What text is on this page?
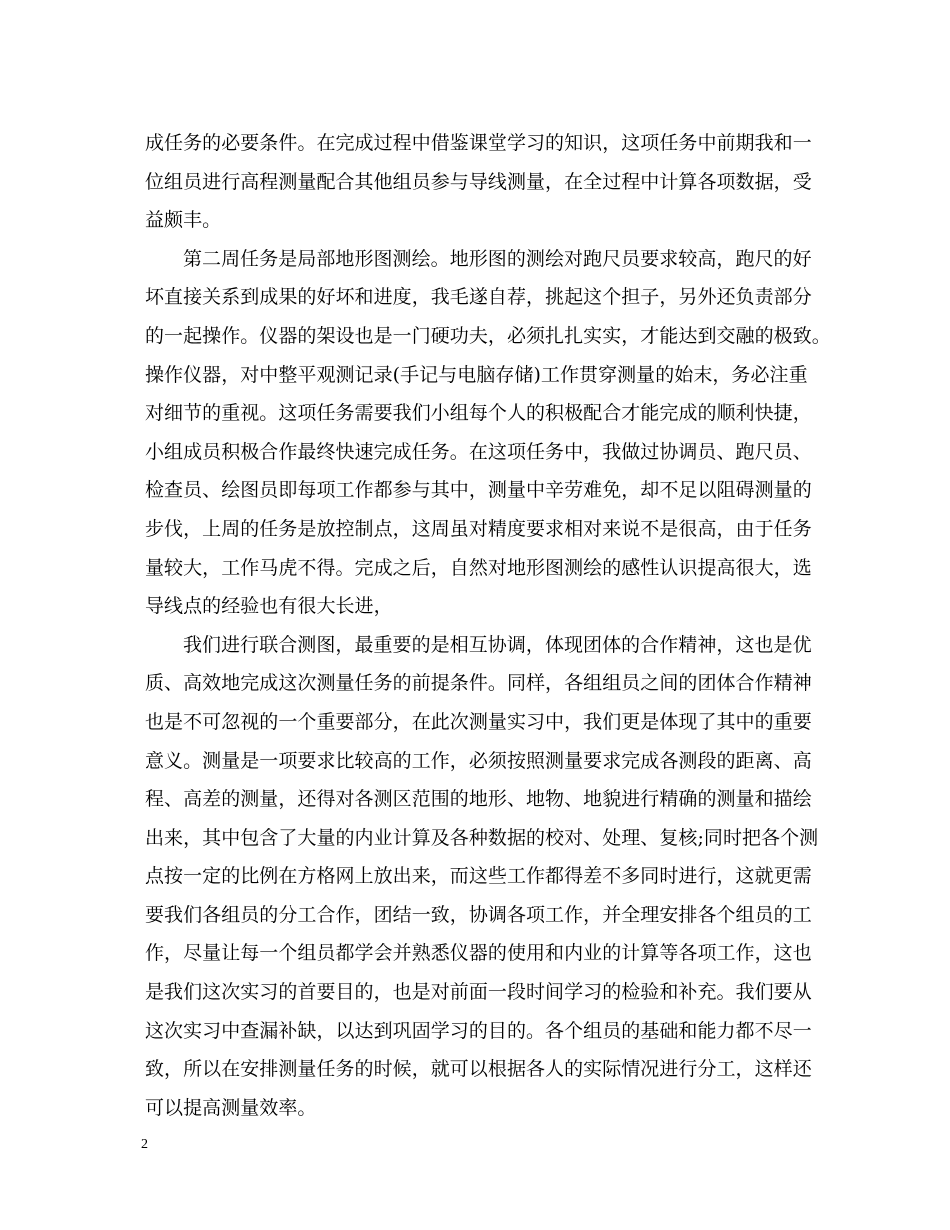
成任务的必要条件。在完成过程中借鉴课堂学习的知识，这项任务中前期我和一
位组员进行高程测量配合其他组员参与导线测量，在全过程中计算各项数据，受
益颇丰。
第二周任务是局部地形图测绘。地形图的测绘对跑尺员要求较高，跑尺的好
坏直接关系到成果的好坏和进度，我毛遂自荐，挑起这个担子，另外还负责部分
的一起操作。仪器的架设也是一门硬功夫，必须扎扎实实，才能达到交融的极致。
操作仪器，对中整平观测记录(手记与电脑存储)工作贯穿测量的始末，务必注重
对细节的重视。这项任务需要我们小组每个人的积极配合才能完成的顺利快捷，
小组成员积极合作最终快速完成任务。在这项任务中，我做过协调员、跑尺员、
检查员、绘图员即每项工作都参与其中，测量中辛劳难免，却不足以阻碍测量的
步伐，上周的任务是放控制点，这周虽对精度要求相对来说不是很高，由于任务
量较大，工作马虎不得。完成之后，自然对地形图测绘的感性认识提高很大，选
导线点的经验也有很大长进，
我们进行联合测图，最重要的是相互协调，体现团体的合作精神，这也是优
质、高效地完成这次测量任务的前提条件。同样，各组组员之间的团体合作精神
也是不可忽视的一个重要部分，在此次测量实习中，我们更是体现了其中的重要
意义。测量是一项要求比较高的工作，必须按照测量要求完成各测段的距离、高
程、高差的测量，还得对各测区范围的地形、地物、地貌进行精确的测量和描绘
出来，其中包含了大量的内业计算及各种数据的校对、处理、复核;同时把各个测
点按一定的比例在方格网上放出来，而这些工作都得差不多同时进行，这就更需
要我们各组员的分工合作，团结一致，协调各项工作，并全理安排各个组员的工
作，尽量让每一个组员都学会并熟悉仪器的使用和内业的计算等各项工作，这也
是我们这次实习的首要目的，也是对前面一段时间学习的检验和补充。我们要从
这次实习中查漏补缺，以达到巩固学习的目的。各个组员的基础和能力都不尽一
致，所以在安排测量任务的时候，就可以根据各人的实际情况进行分工，这样还
可以提高测量效率。
2
